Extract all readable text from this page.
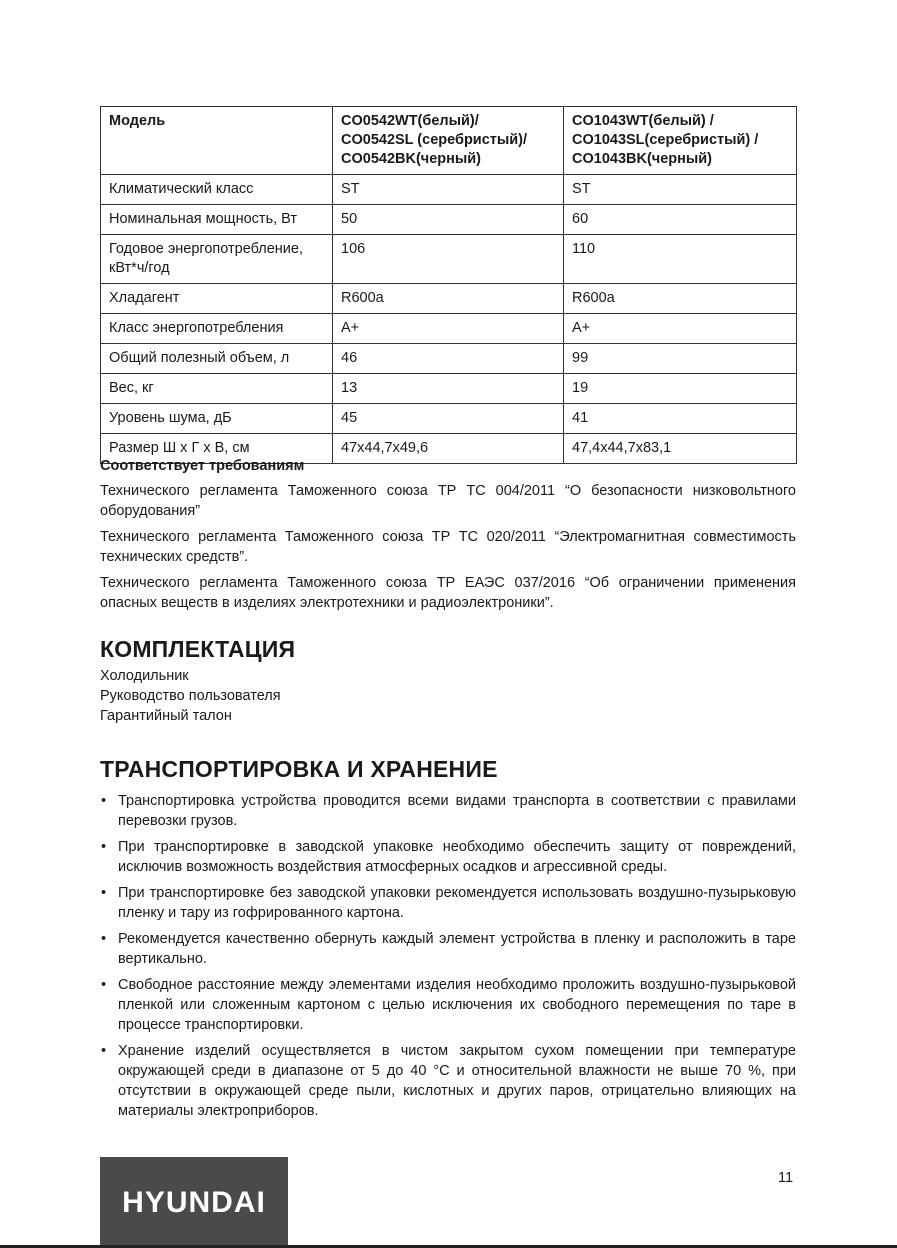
Модель	CO0542WT(белый)/
CO0542SL (серебристый)/
CO0542BK(черный)	CO1043WT(белый) /
CO1043SL(серебристый) /
CO1043BK(черный)

Климатический класс	ST	ST
Номинальная мощность, Вт	50	60
Годовое энергопотребление, кВт*ч/год	106	110
Хладагент	R600a	R600a
Класс энергопотребления	A+	A+
Общий полезный объем, л	46	99
Вес, кг	13	19
Уровень шума, дБ	45	41
Размер Ш х Г х В, см	47x44,7x49,6	47,4x44,7x83,1
Соответствует требованиям

Технического регламента Таможенного союза ТР ТС 004/2011 “О безопасности низковольтного оборудования”

Технического регламента Таможенного союза ТР ТС 020/2011 “Электромагнитная совместимость технических средств”.

Технического регламента Таможенного союза ТР ЕАЭС 037/2016 “Об ограничении применения опасных веществ в изделиях электротехники и радиоэлектроники”.

КОМПЛЕКТАЦИЯ
Холодильник
Руководство пользователя
Гарантийный талон
ТРАНСПОРТИРОВКА И ХРАНЕНИЕ
• Транспортировка устройства проводится всеми видами транспорта в соответствии с правилами перевозки грузов.
• При транспортировке в заводской упаковке необходимо обеспечить защиту от повреждений, исключив возможность воздействия атмосферных осадков и агрессивной среды.
• При транспортировке без заводской упаковки рекомендуется использовать воздушно-пузырьковую пленку и тару из гофрированного картона.
• Рекомендуется качественно обернуть каждый элемент устройства в пленку и расположить в таре вертикально.
• Свободное расстояние между элементами изделия необходимо проложить воздушно-пузырьковой пленкой или сложенным картоном с целью исключения их свободного перемещения по таре в процессе транспортировки.
• Хранение изделий осуществляется в чистом закрытом сухом помещении при температуре окружающей среди в диапазоне от 5 до 40 °С и относительной влажности не выше 70 %, при отсутствии в окружающей среде пыли, кислотных и других паров, отрицательно влияющих на материалы электроприборов.
HYUNDAI
11
